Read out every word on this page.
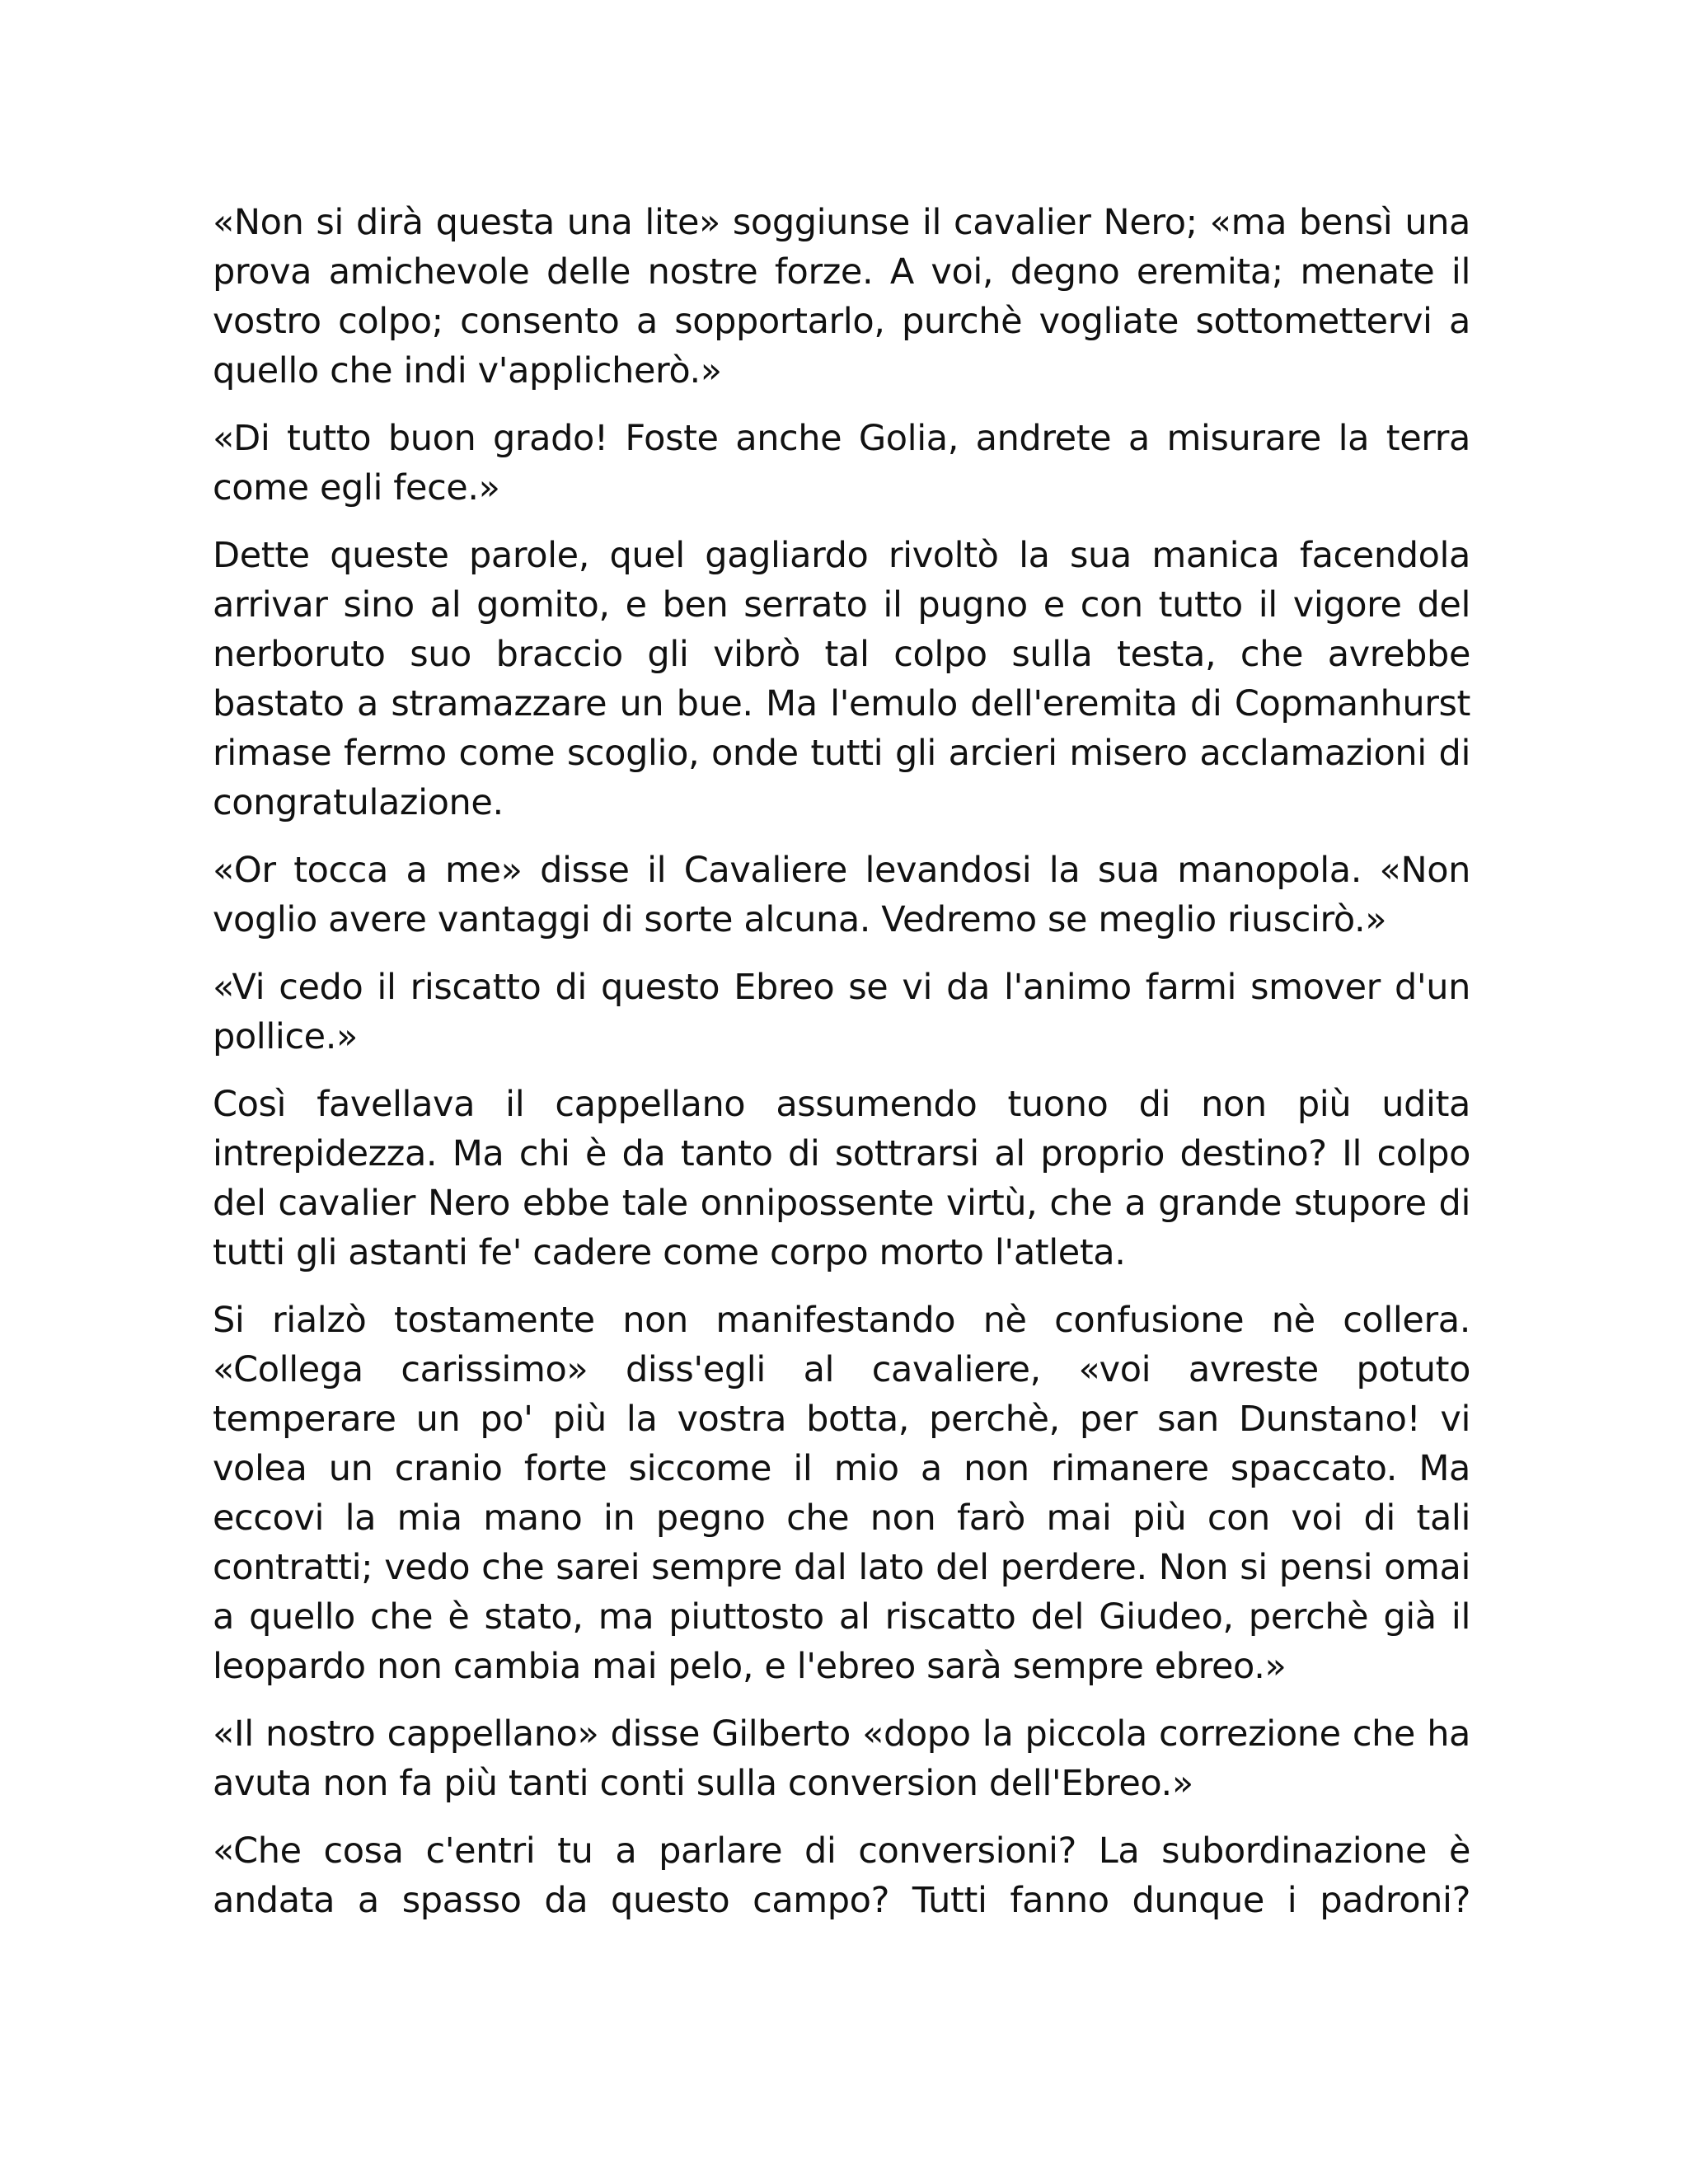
«Non si dirà questa una lite» soggiunse il cavalier Nero; «ma bensì una prova amichevole delle nostre forze. A voi, degno eremita; menate il vostro colpo; consento a sopportarlo, purchè vogliate sottomettervi a quello che indi v'applicherò.»

«Di tutto buon grado! Foste anche Golia, andrete a misurare la terra come egli fece.»

Dette queste parole, quel gagliardo rivoltò la sua manica facendola arrivar sino al gomito, e ben serrato il pugno e con tutto il vigore del nerboruto suo braccio gli vibrò tal colpo sulla testa, che avrebbe bastato a stramazzare un bue. Ma l'emulo dell'eremita di Copmanhurst rimase fermo come scoglio, onde tutti gli arcieri misero acclamazioni di congratulazione.

«Or tocca a me» disse il Cavaliere levandosi la sua manopola. «Non voglio avere vantaggi di sorte alcuna. Vedremo se meglio riuscirò.»

«Vi cedo il riscatto di questo Ebreo se vi da l'animo farmi smover d'un pollice.»

Così favellava il cappellano assumendo tuono di non più udita intrepidezza. Ma chi è da tanto di sottrarsi al proprio destino? Il colpo del cavalier Nero ebbe tale onnipossente virtù, che a grande stupore di tutti gli astanti fe' cadere come corpo morto l'atleta.

Si rialzò tostamente non manifestando nè confusione nè collera. «Collega carissimo» diss'egli al cavaliere, «voi avreste potuto temperare un po' più la vostra botta, perchè, per san Dunstano! vi volea un cranio forte siccome il mio a non rimanere spaccato. Ma eccovi la mia mano in pegno che non farò mai più con voi di tali contratti; vedo che sarei sempre dal lato del perdere. Non si pensi omai a quello che è stato, ma piuttosto al riscatto del Giudeo, perchè già il leopardo non cambia mai pelo, e l'ebreo sarà sempre ebreo.»

«Il nostro cappellano» disse Gilberto «dopo la piccola correzione che ha avuta non fa più tanti conti sulla conversion dell'Ebreo.»

«Che cosa c'entri tu a parlare di conversioni? La subordinazione è andata a spasso da questo campo? Tutti fanno dunque i padroni?
